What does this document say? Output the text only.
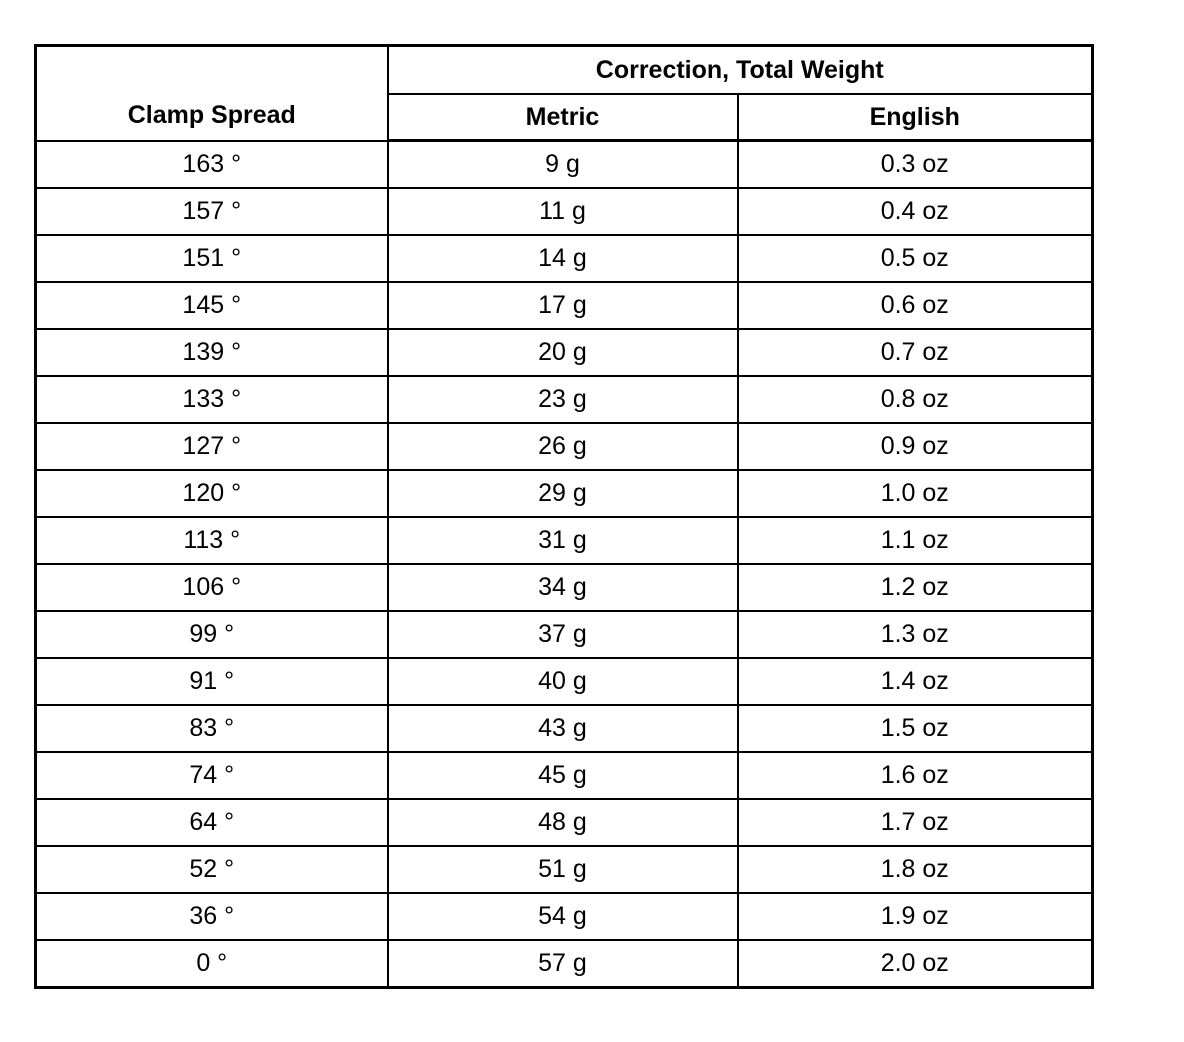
Clamp Spread	Correction, Total Weight	
	Metric	English
163 °	9 g	0.3 oz
157 °	11 g	0.4 oz
151 °	14 g	0.5 oz
145 °	17 g	0.6 oz
139 °	20 g	0.7 oz
133 °	23 g	0.8 oz
127 °	26 g	0.9 oz
120 °	29 g	1.0 oz
113 °	31 g	1.1 oz
106 °	34 g	1.2 oz
99 °	37 g	1.3 oz
91 °	40 g	1.4 oz
83 °	43 g	1.5 oz
74 °	45 g	1.6 oz
64 °	48 g	1.7 oz
52 °	51 g	1.8 oz
36 °	54 g	1.9 oz
0 °	57 g	2.0 oz
